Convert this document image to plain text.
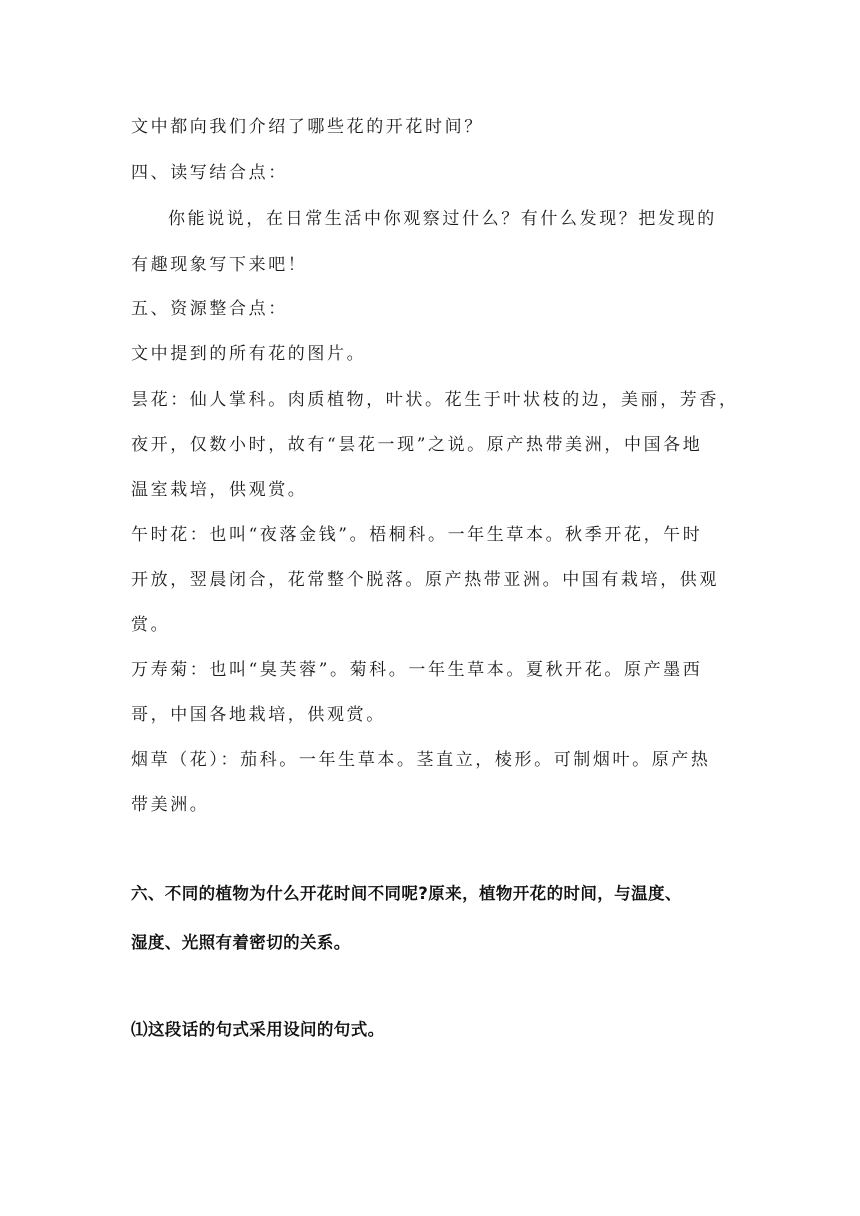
文中都向我们介绍了哪些花的开花时间？
四、读写结合点：
你能说说，在日常生活中你观察过什么？有什么发现？把发现的
有趣现象写下来吧！
五、资源整合点：
文中提到的所有花的图片。
昙花：仙人掌科。肉质植物，叶状。花生于叶状枝的边，美丽，芳香，
夜开，仅数小时，故有“昙花一现”之说。原产热带美洲，中国各地
温室栽培，供观赏。
午时花：也叫“夜落金钱”。梧桐科。一年生草本。秋季开花，午时
开放，翌晨闭合，花常整个脱落。原产热带亚洲。中国有栽培，供观
赏。
万寿菊：也叫“臭芙蓉”。菊科。一年生草本。夏秋开花。原产墨西
哥，中国各地栽培，供观赏。
烟草（花）：茄科。一年生草本。茎直立，棱形。可制烟叶。原产热
带美洲。
六、不同的植物为什么开花时间不同呢?原来，植物开花的时间，与温度、
湿度、光照有着密切的关系。
⑴这段话的句式采用设问的句式。
